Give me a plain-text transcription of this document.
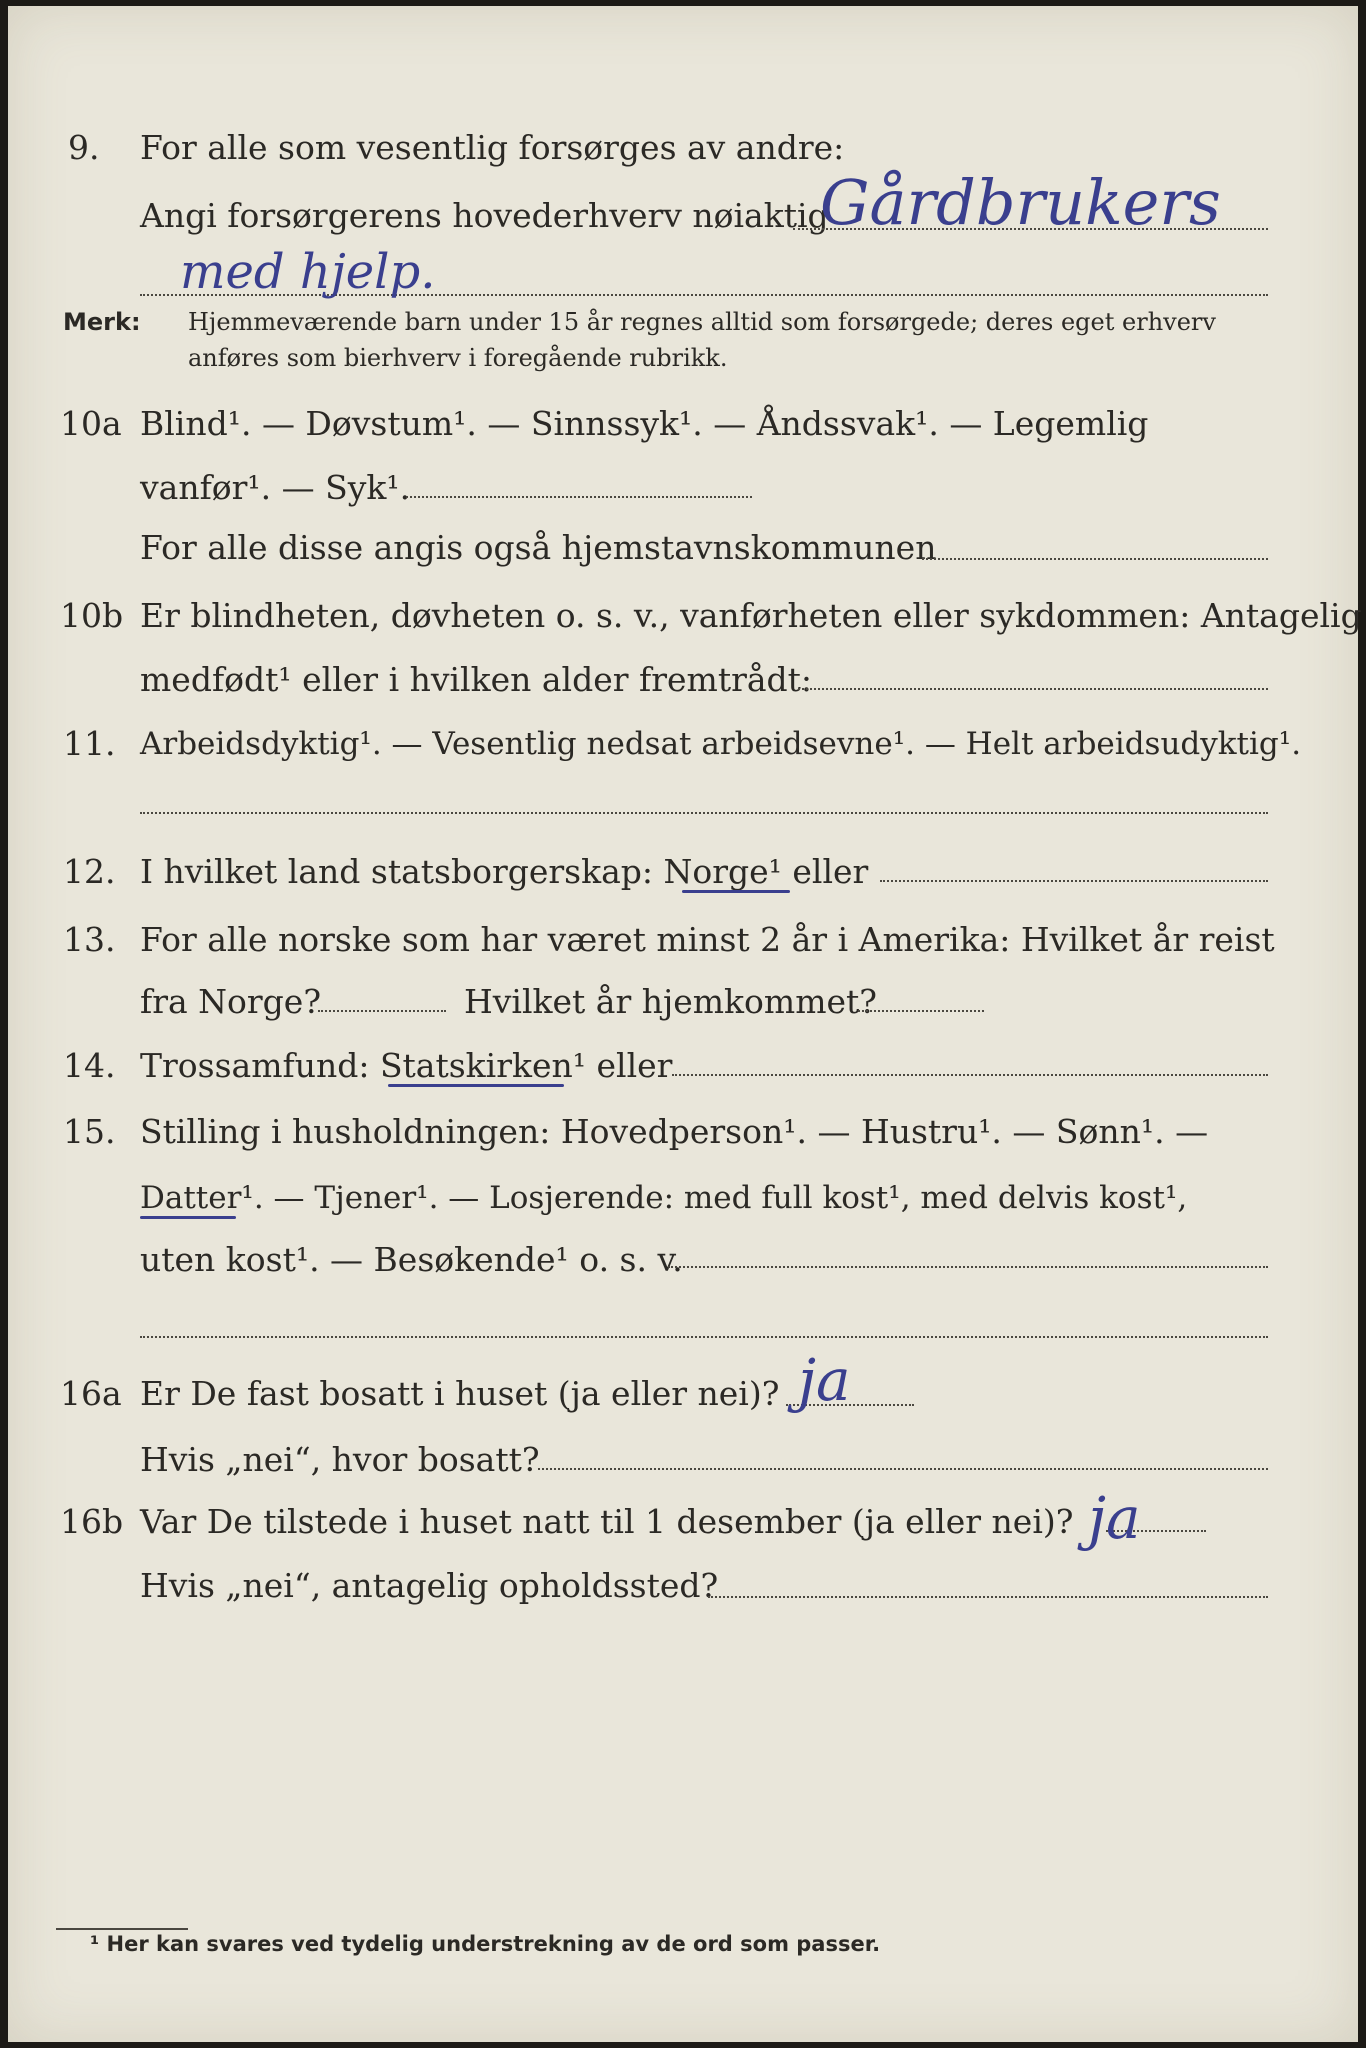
9. For alle som vesentlig forsørges av andre:
Angi forsørgerens hovederhverv nøiaktig
Gårdbrukers
med hjelp.
Merk: Hjemmeværende barn under 15 år regnes alltid som forsørgede; deres eget erhverv
anføres som bierhverv i foregående rubrikk.
10a Blind¹. — Døvstum¹. — Sinnssyk¹. — Åndssvak¹. — Legemlig
vanfør¹. — Syk¹.
For alle disse angis også hjemstavnskommunen
10b Er blindheten, døvheten o. s. v., vanførheten eller sykdommen: Antagelig
medfødt¹ eller i hvilken alder fremtrådt:
11. Arbeidsdyktig¹. — Vesentlig nedsat arbeidsevne¹. — Helt arbeidsudyktig¹.
12. I hvilket land statsborgerskap: Norge¹ eller
13. For alle norske som har været minst 2 år i Amerika: Hvilket år reist
fra Norge?	Hvilket år hjemkommet?
14. Trossamfund: Statskirken¹ eller
15. Stilling i husholdningen: Hovedperson¹. — Hustru¹. — Sønn¹. —
Datter¹. — Tjener¹. — Losjerende: med full kost¹, med delvis kost¹,
uten kost¹. — Besøkende¹ o. s. v.
16a Er De fast bosatt i huset (ja eller nei)? ja
Hvis „nei“, hvor bosatt?
16b Var De tilstede i huset natt til 1 desember (ja eller nei)? ja
Hvis „nei“, antagelig opholdssted?
¹ Her kan svares ved tydelig understrekning av de ord som passer.
